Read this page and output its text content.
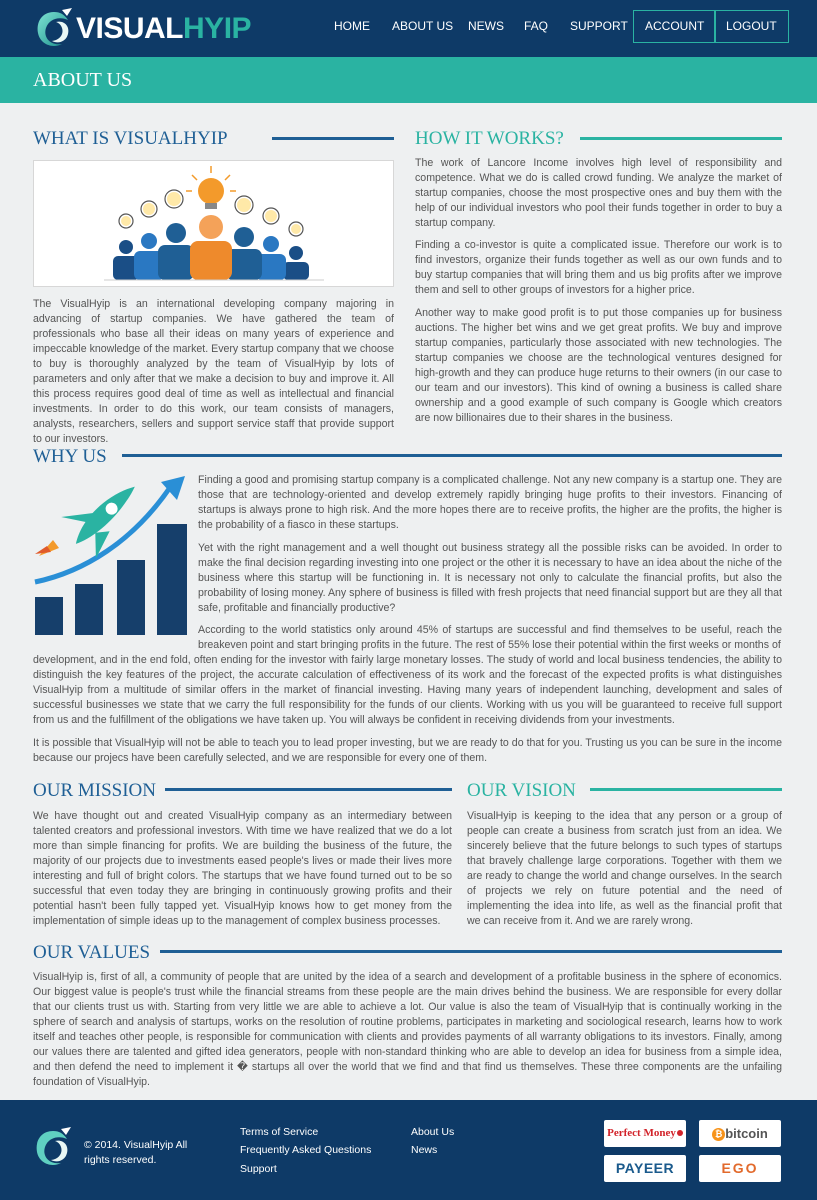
VISUALHYIP	HOME ABOUT US NEWS FAQ SUPPORT	ACCOUNT	LOGOUT
ABOUT US
WHAT IS VISUALHYIP
The VisualHyip is an international developing company majoring in advancing of startup companies. We have gathered the team of professionals who base all their ideas on many years of experience and impeccable knowledge of the market. Every startup company that we choose to buy is thoroughly analyzed by the team of VisualHyip by lots of parameters and only after that we make a decision to buy and improve it. All this process requires good deal of time as well as intellectual and financial investments. In order to do this work, our team consists of managers, analysts, researchers, sellers and support service staff that provide support to our investors.
HOW IT WORKS?
The work of Lancore Income involves high level of responsibility and competence. What we do is called crowd funding. We analyze the market of startup companies, choose the most prospective ones and buy them with the help of our individual investors who pool their funds together in order to buy a startup company.
Finding a co-investor is quite a complicated issue. Therefore our work is to find investors, organize their funds together as well as our own funds and to buy startup companies that will bring them and us big profits after we improve them and sell to other groups of investors for a higher price.
Another way to make good profit is to put those companies up for business auctions. The higher bet wins and we get great profits. We buy and improve startup companies, particularly those associated with new technologies. The startup companies we choose are the technological ventures designed for high-growth and they can produce huge returns to their owners (in our case to our team and our investors). This kind of owning a business is called share ownership and a good example of such company is Google which creators are now billionaires due to their shares in the business.
WHY US
Finding a good and promising startup company is a complicated challenge. Not any new company is a startup one. They are those that are technology-oriented and develop extremely rapidly bringing huge profits to their investors. Financing of startups is always prone to high risk. And the more hopes there are to receive profits, the higher are the profits, the higher is the probability of a fiasco in these startups.
Yet with the right management and a well thought out business strategy all the possible risks can be avoided. In order to make the final decision regarding investing into one project or the other it is necessary to have an idea about the niche of the business where this startup will be functioning in. It is necessary not only to calculate the financial profits, but also the probability of losing money. Any sphere of business is filled with fresh projects that need financial support but are they all that safe, profitable and financially productive?
According to the world statistics only around 45% of startups are successful and find themselves to be useful, reach the breakeven point and start bringing profits in the future. The rest of 55% lose their potential within the first weeks or months of
development, and in the end fold, often ending for the investor with fairly large monetary losses. The study of world and local business tendencies, the ability to distinguish the key features of the project, the accurate calculation of effectiveness of its work and the forecast of the expected profits is what distinguishes VisualHyip from a multitude of similar offers in the market of financial investing. Having many years of independent launching, development and sales of successful businesses we state that we carry the full responsibility for the funds of our clients. Working with us you will be guaranteed to receive full support from us and the fulfillment of the obligations we have taken up. You will always be confident in receiving dividends from your investments.
It is possible that VisualHyip will not be able to teach you to lead proper investing, but we are ready to do that for you. Trusting us you can be sure in the income because our projecs have been carefully selected, and we are responsible for every one of them.
OUR MISSION
We have thought out and created VisualHyip company as an intermediary between talented creators and professional investors. With time we have realized that we do a lot more than simple financing for profits. We are building the business of the future, the majority of our projects due to investments eased people's lives or made their lives more interesting and full of bright colors. The startups that we have found turned out to be so successful that even today they are bringing in continuously growing profits and their potential hasn't been fully tapped yet. VisualHyip knows how to get money from the implementation of simple ideas up to the management of complex business processes.
OUR VISION
VisualHyip is keeping to the idea that any person or a group of people can create a business from scratch just from an idea. We sincerely believe that the future belongs to such types of startups that bravely challenge large corporations. Together with them we are ready to change the world and change ourselves. In the search of projects we rely on future potential and the need of implementing the idea into life, as well as the financial profit that we can receive from it. And we are rarely wrong.
OUR VALUES
VisualHyip is, first of all, a community of people that are united by the idea of a search and development of a profitable business in the sphere of economics. Our biggest value is people's trust while the financial streams from these people are the main drives behind the business. We are responsible for every dollar that our clients trust us with. Starting from very little we are able to achieve a lot. Our value is also the team of VisualHyip that is continually working in the sphere of search and analysis of startups, works on the resolution of routine problems, participates in marketing and sociological research, learns how to work itself and teaches other people, is responsible for communication with clients and provides payments of all warranty obligations to its investors. Finally, among our values there are talented and gifted idea generators, people with non-standard thinking who are able to develop an idea for business from a simple idea, and then defend the need to implement it � startups all over the world that we find and that find us themselves. These three components are the unfailing foundation of VisualHyip.
© 2014. VisualHyip All rights reserved.
Terms of Service
Frequently Asked Questions
Support
About Us
News
Perfect Money	₿ bitcoin
PAYEER	EGO
